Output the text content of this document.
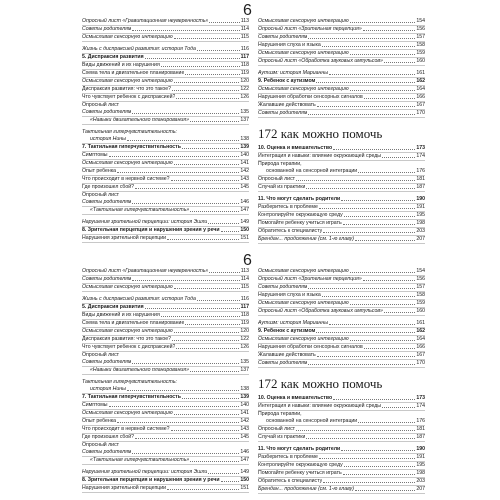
6
Опросный лист «Гравитационная неуверенность»	113
Советы родителям	114
Осмысливая сенсорную интеграцию	115
Жизнь с диспраксией развития: история Тода	116
5. Диспраксия развития	117
Виды движений и их нарушения	118
Схема тела и двигательное планирование	119
Осмысливая сенсорную интеграцию	120
Диспраксия развития: что это такое?	122
Что чувствует ребенок с диспраксией?	126
Опросный лист
Советы родителям	135
«Навыки двигательного планирования»	137
Тактильная гиперчувствительность:
история Нины	138
7. Тактильная гиперчувствительность	139
Симптомы	140
Осмысливая сенсорную интеграцию	141
Опыт ребенка	142
Что происходит в нервной системе?	143
Где произошел сбой?	145
Опросный лист
Советы родителям	146
«Тактильная гиперчувствительность»	147
Нарушения зрительной перцепции: история Эшли	149
8. Зрительная перцепция и нарушения зрения у речи	150
Нарушения зрительной перцепции	151
Осмысливая сенсорную интеграцию	154
Опросный лист «Зрительная перцепция»	156
Советы родителям	157
Нарушения слуха и языка	158
Осмысливая сенсорную интеграцию	159
Опросный лист «Обработка звуковых импульсов»	160
Аутизм: история Марианны	161
9. Ребенок с аутизмом	162
Осмысливая сенсорную интеграцию	164
Нарушения обработки сенсорных сигналов	166
Жалавшие действовать	167
Советы родителям	170
172 как можно помочь
10. Оценка и вмешательство	173
Интеграция и навыки: влияние окружающей среды	174
Природа терапии,
основанной на сенсорной интеграции	176
Опросный лист	181
Случай из практики	187
11. Что могут сделать родители	190
Разберитесь в проблеме	191
Контролируйте окружающую среду	195
Помогайте ребенку учиться играть	198
Обратитесь к специалисту	203
Брендан... продолжение (см. 1-ю главу)	207
6
Опросный лист «Гравитационная неуверенность»	113
Советы родителям	114
Осмысливая сенсорную интеграцию	115
Жизнь с диспраксией развития: история Тода	116
5. Диспраксия развития	117
Виды движений и их нарушения	118
Схема тела и двигательное планирование	119
Осмысливая сенсорную интеграцию	120
Диспраксия развития: что это такое?	122
Что чувствует ребенок с диспраксией?	126
Опросный лист
Советы родителям	135
«Навыки двигательного планирования»	137
Тактильная гиперчувствительность:
история Нины	138
7. Тактильная гиперчувствительность	139
Симптомы	140
Осмысливая сенсорную интеграцию	141
Опыт ребенка	142
Что происходит в нервной системе?	143
Где произошел сбой?	145
Опросный лист
Советы родителям	146
«Тактильная гиперчувствительность»	147
Нарушения зрительной перцепции: история Эшли	149
8. Зрительная перцепция и нарушения зрения у речи	150
Нарушения зрительной перцепции	151
Осмысливая сенсорную интеграцию	154
Опросный лист «Зрительная перцепция»	156
Советы родителям	157
Нарушения слуха и языка	158
Осмысливая сенсорную интеграцию	159
Опросный лист «Обработка звуковых импульсов»	160
Аутизм: история Марианны	161
9. Ребенок с аутизмом	162
Осмысливая сенсорную интеграцию	164
Нарушения обработки сенсорных сигналов	166
Жалавшие действовать	167
Советы родителям	170
172 как можно помочь
10. Оценка и вмешательство	173
Интеграция и навыки: влияние окружающей среды	174
Природа терапии,
основанной на сенсорной интеграции	176
Опросный лист	181
Случай из практики	187
11. Что могут сделать родители	190
Разберитесь в проблеме	191
Контролируйте окружающую среду	195
Помогайте ребенку учиться играть	198
Обратитесь к специалисту	203
Брендан... продолжение (см. 1-ю главу)	207
